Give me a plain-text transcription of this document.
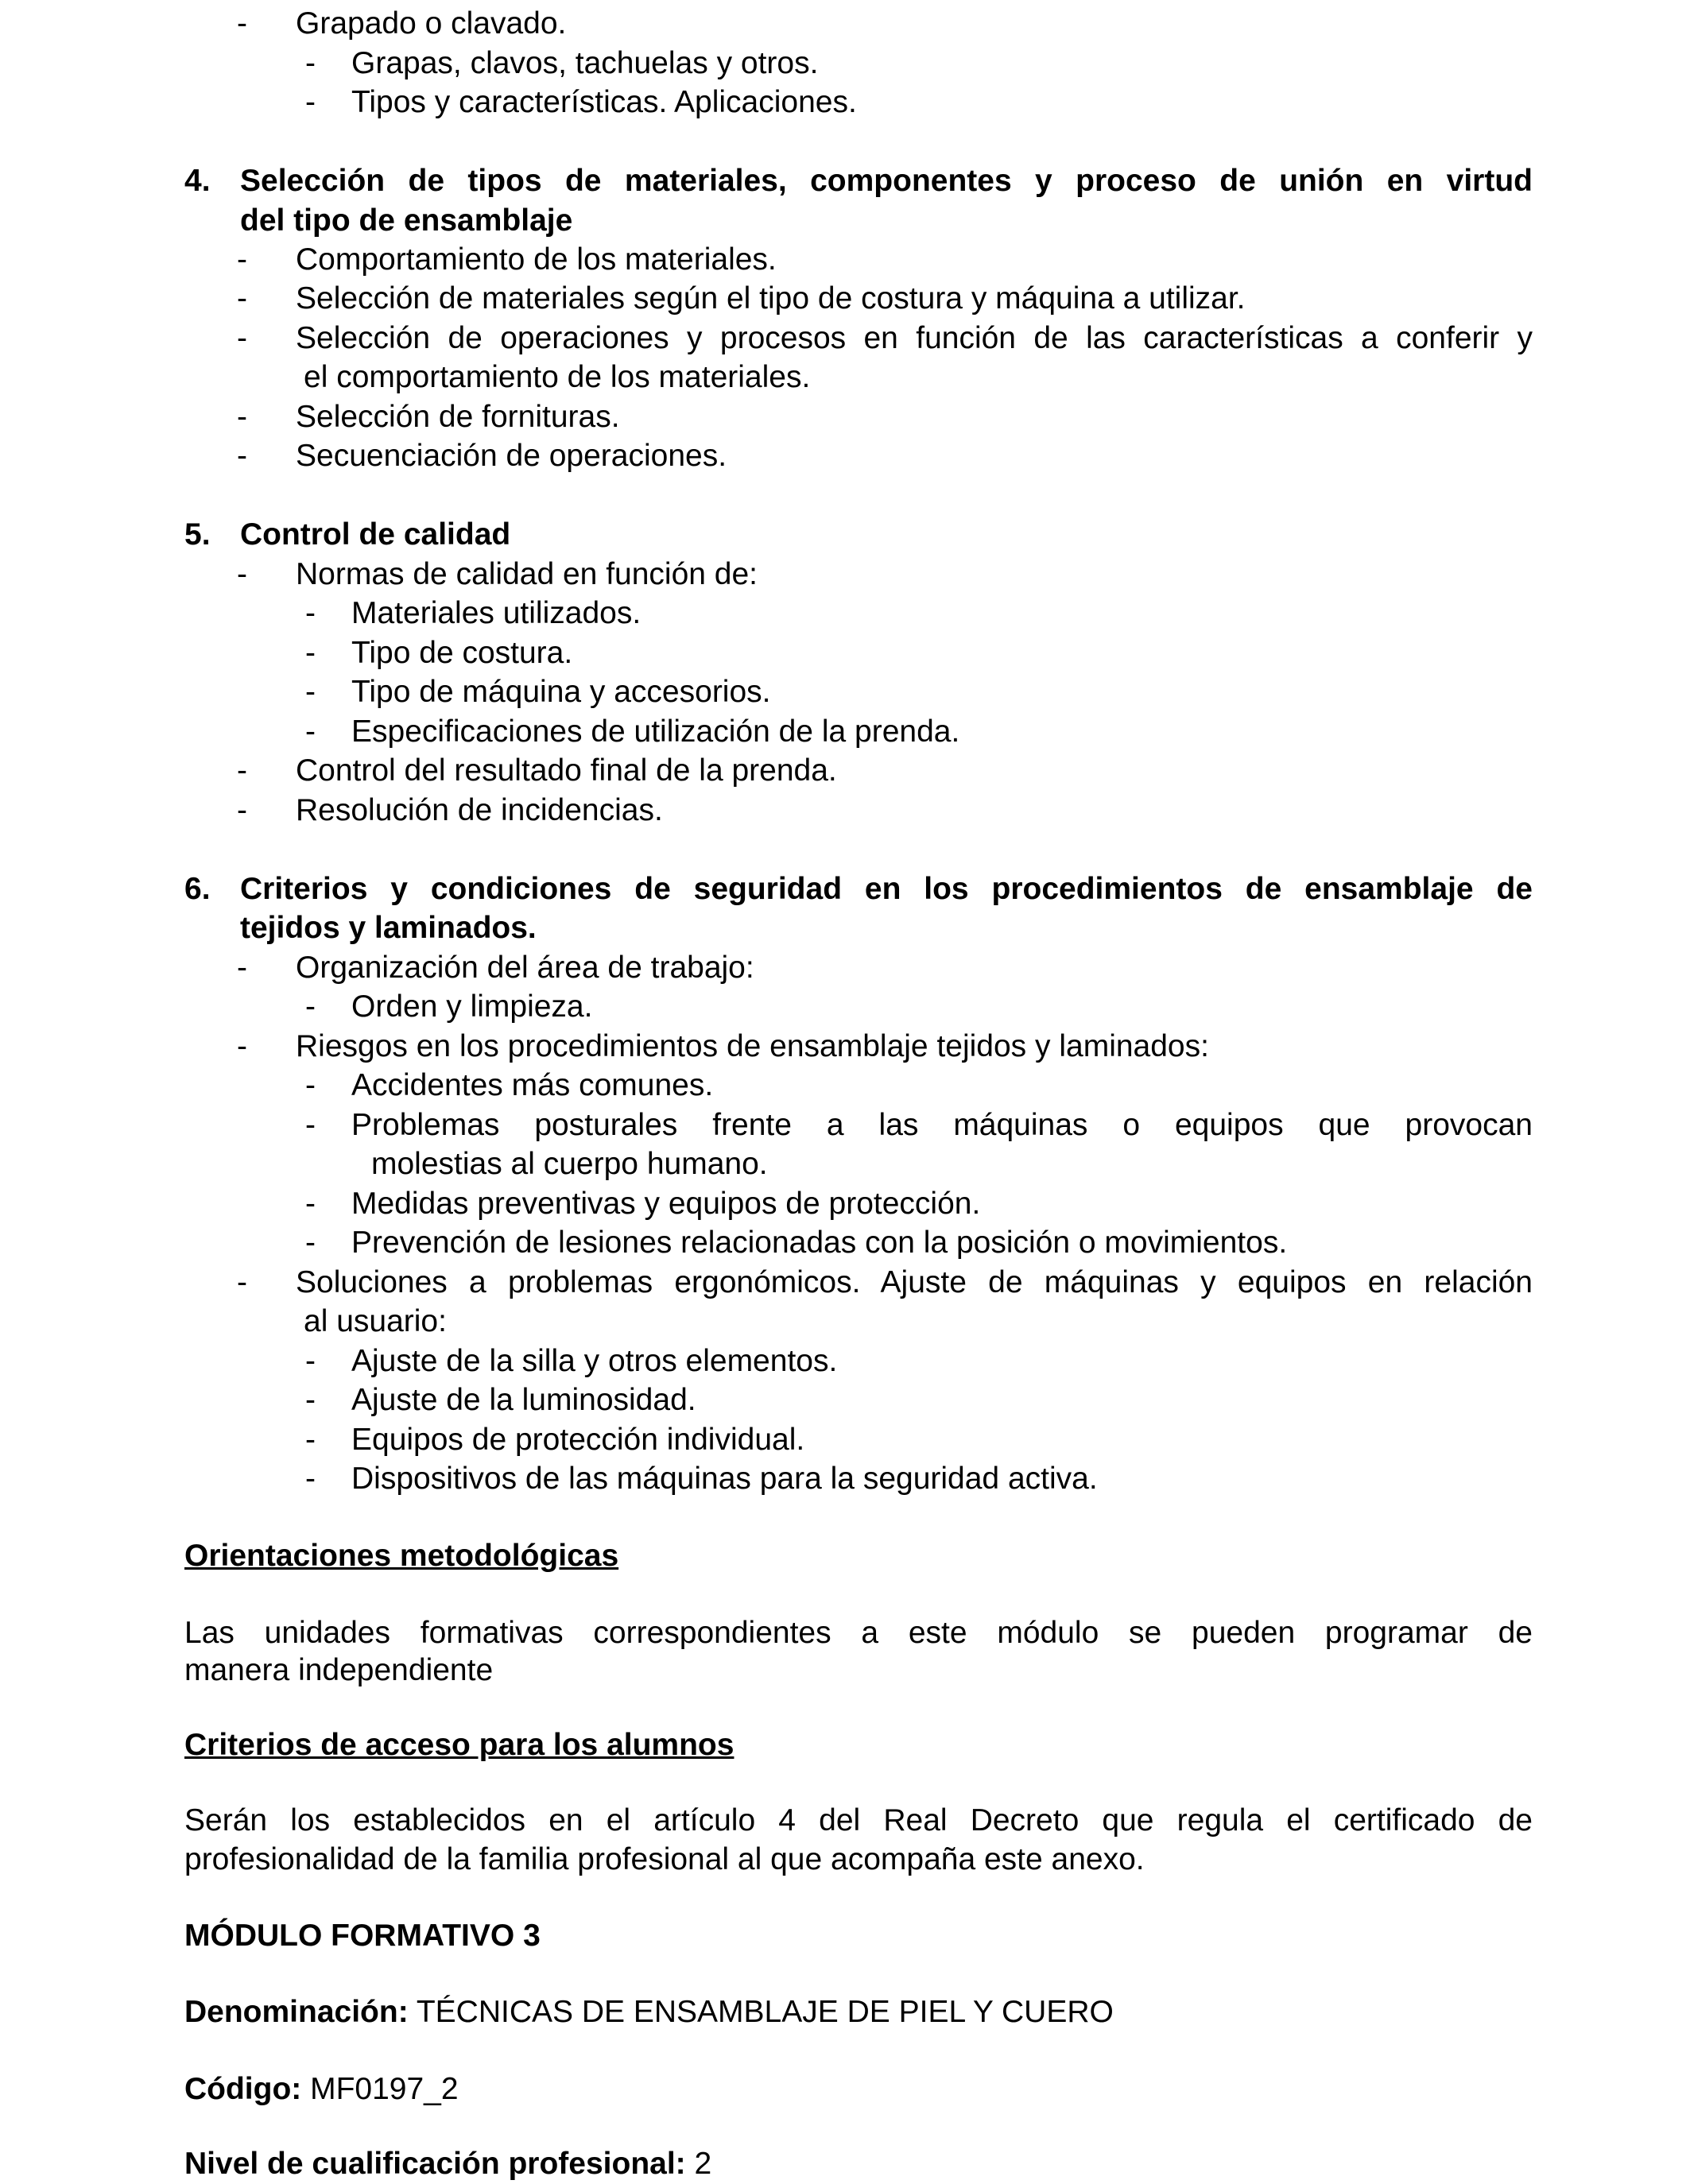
- Grapado o clavado.
- Grapas, clavos, tachuelas y otros.
- Tipos y características. Aplicaciones.
4. Selección de tipos de materiales, componentes y proceso de unión en virtud
del tipo de ensamblaje
- Comportamiento de los materiales.
- Selección de materiales según el tipo de costura y máquina a utilizar.
- Selección de operaciones y procesos en función de las características a conferir y
el comportamiento de los materiales.
- Selección de fornituras.
- Secuenciación de operaciones.
5. Control de calidad
- Normas de calidad en función de:
- Materiales utilizados.
- Tipo de costura.
- Tipo de máquina y accesorios.
- Especificaciones de utilización de la prenda.
- Control del resultado final de la prenda.
- Resolución de incidencias.
6. Criterios y condiciones de seguridad en los procedimientos de ensamblaje de
tejidos y laminados.
- Organización del área de trabajo:
- Orden y limpieza.
- Riesgos en los procedimientos de ensamblaje tejidos y laminados:
- Accidentes más comunes.
- Problemas posturales frente a las máquinas o equipos que provocan
molestias al cuerpo humano.
- Medidas preventivas y equipos de protección.
- Prevención de lesiones relacionadas con la posición o movimientos.
- Soluciones a problemas ergonómicos. Ajuste de máquinas y equipos en relación
al usuario:
- Ajuste de la silla y otros elementos.
- Ajuste de la luminosidad.
- Equipos de protección individual.
- Dispositivos de las máquinas para la seguridad activa.
Orientaciones metodológicas
Las unidades formativas correspondientes a este módulo se pueden programar de
manera independiente
Criterios de acceso para los alumnos
Serán los establecidos en el artículo 4 del Real Decreto que regula el certificado de
profesionalidad de la familia profesional al que acompaña este anexo.
MÓDULO FORMATIVO 3
Denominación: TÉCNICAS DE ENSAMBLAJE DE PIEL Y CUERO
Código: MF0197_2
Nivel de cualificación profesional: 2
